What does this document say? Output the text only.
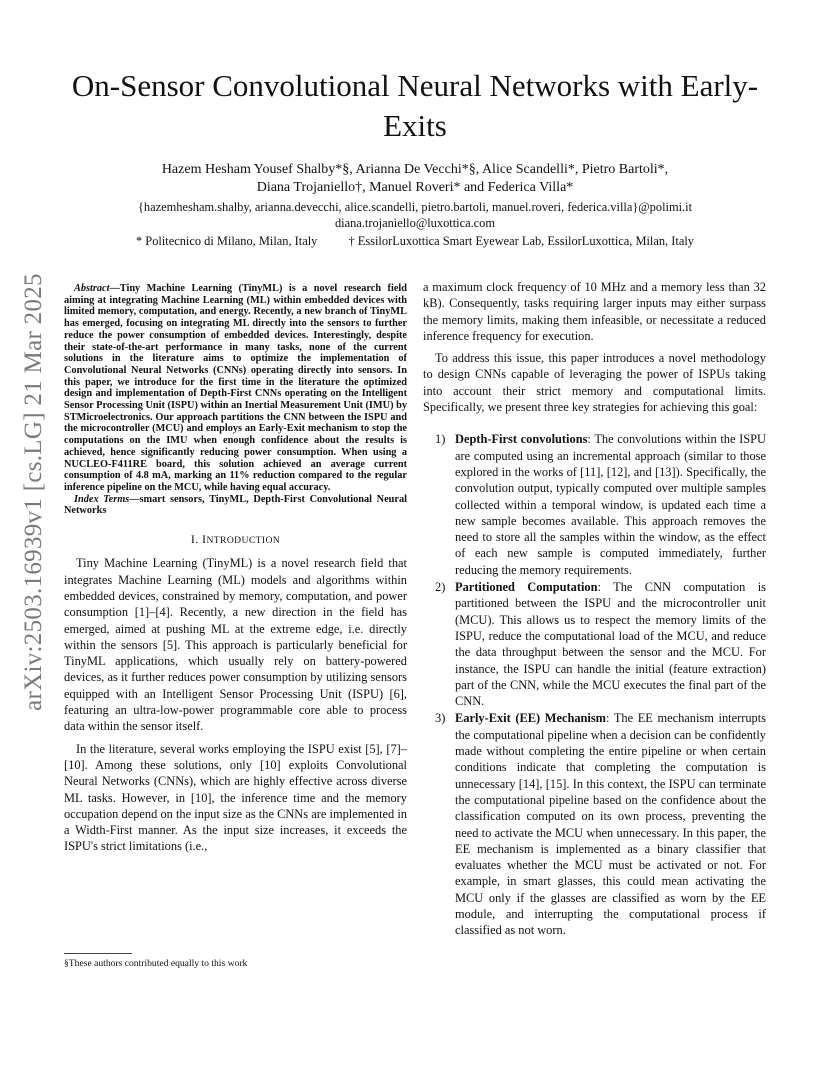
arXiv:2503.16939v1 [cs.LG] 21 Mar 2025
On-Sensor Convolutional Neural Networks with Early-Exits
Hazem Hesham Yousef Shalby*§, Arianna De Vecchi*§, Alice Scandelli*, Pietro Bartoli*,
Diana Trojaniello†, Manuel Roveri* and Federica Villa*
{hazemhesham.shalby, arianna.devecchi, alice.scandelli, pietro.bartoli, manuel.roveri, federica.villa}@polimi.it
diana.trojaniello@luxottica.com
* Politecnico di Milano, Milan, Italy	† EssilorLuxottica Smart Eyewear Lab, EssilorLuxottica, Milan, Italy
Abstract—Tiny Machine Learning (TinyML) is a novel research field aiming at integrating Machine Learning (ML) within embedded devices with limited memory, computation, and energy. Recently, a new branch of TinyML has emerged, focusing on integrating ML directly into the sensors to further reduce the power consumption of embedded devices. Interestingly, despite their state-of-the-art performance in many tasks, none of the current solutions in the literature aims to optimize the implementation of Convolutional Neural Networks (CNNs) operating directly into sensors. In this paper, we introduce for the first time in the literature the optimized design and implementation of Depth-First CNNs operating on the Intelligent Sensor Processing Unit (ISPU) within an Inertial Measurement Unit (IMU) by STMicroelectronics. Our approach partitions the CNN between the ISPU and the microcontroller (MCU) and employs an Early-Exit mechanism to stop the computations on the IMU when enough confidence about the results is achieved, hence significantly reducing power consumption. When using a NUCLEO-F411RE board, this solution achieved an average current consumption of 4.8 mA, marking an 11% reduction compared to the regular inference pipeline on the MCU, while having equal accuracy.
Index Terms—smart sensors, TinyML, Depth-First Convolutional Neural Networks
I. INTRODUCTION

Tiny Machine Learning (TinyML) is a novel research field that integrates Machine Learning (ML) models and algorithms within embedded devices, constrained by memory, computation, and power consumption [1]–[4]. Recently, a new direction in the field has emerged, aimed at pushing ML at the extreme edge, i.e. directly within the sensors [5]. This approach is particularly beneficial for TinyML applications, which usually rely on battery-powered devices, as it further reduces power consumption by utilizing sensors equipped with an Intelligent Sensor Processing Unit (ISPU) [6], featuring an ultra-low-power programmable core able to process data within the sensor itself.

In the literature, several works employing the ISPU exist [5], [7]–[10]. Among these solutions, only [10] exploits Convolutional Neural Networks (CNNs), which are highly effective across diverse ML tasks. However, in [10], the inference time and the memory occupation depend on the input size as the CNNs are implemented in a Width-First manner. As the input size increases, it exceeds the ISPU's strict limitations (i.e.,

a maximum clock frequency of 10 MHz and a memory less than 32 kB). Consequently, tasks requiring larger inputs may either surpass the memory limits, making them infeasible, or necessitate a reduced inference frequency for execution.

To address this issue, this paper introduces a novel methodology to design CNNs capable of leveraging the power of ISPUs taking into account their strict memory and computational limits. Specifically, we present three key strategies for achieving this goal:

1) Depth-First convolutions: The convolutions within the ISPU are computed using an incremental approach (similar to those explored in the works of [11], [12], and [13]). Specifically, the convolution output, typically computed over multiple samples collected within a temporal window, is updated each time a new sample becomes available. This approach removes the need to store all the samples within the window, as the effect of each new sample is computed immediately, further reducing the memory requirements.
2) Partitioned Computation: The CNN computation is partitioned between the ISPU and the microcontroller unit (MCU). This allows us to respect the memory limits of the ISPU, reduce the computational load of the MCU, and reduce the data throughput between the sensor and the MCU. For instance, the ISPU can handle the initial (feature extraction) part of the CNN, while the MCU executes the final part of the CNN.
3) Early-Exit (EE) Mechanism: The EE mechanism interrupts the computational pipeline when a decision can be confidently made without completing the entire pipeline or when certain conditions indicate that completing the computation is unnecessary [14], [15]. In this context, the ISPU can terminate the computational pipeline based on the confidence about the classification computed on its own process, preventing the need to activate the MCU when unnecessary. In this paper, the EE mechanism is implemented as a binary classifier that evaluates whether the MCU must be activated or not. For example, in smart glasses, this could mean activating the MCU only if the glasses are classified as worn by the EE module, and interrupting the computational process if classified as not worn.
§These authors contributed equally to this work
